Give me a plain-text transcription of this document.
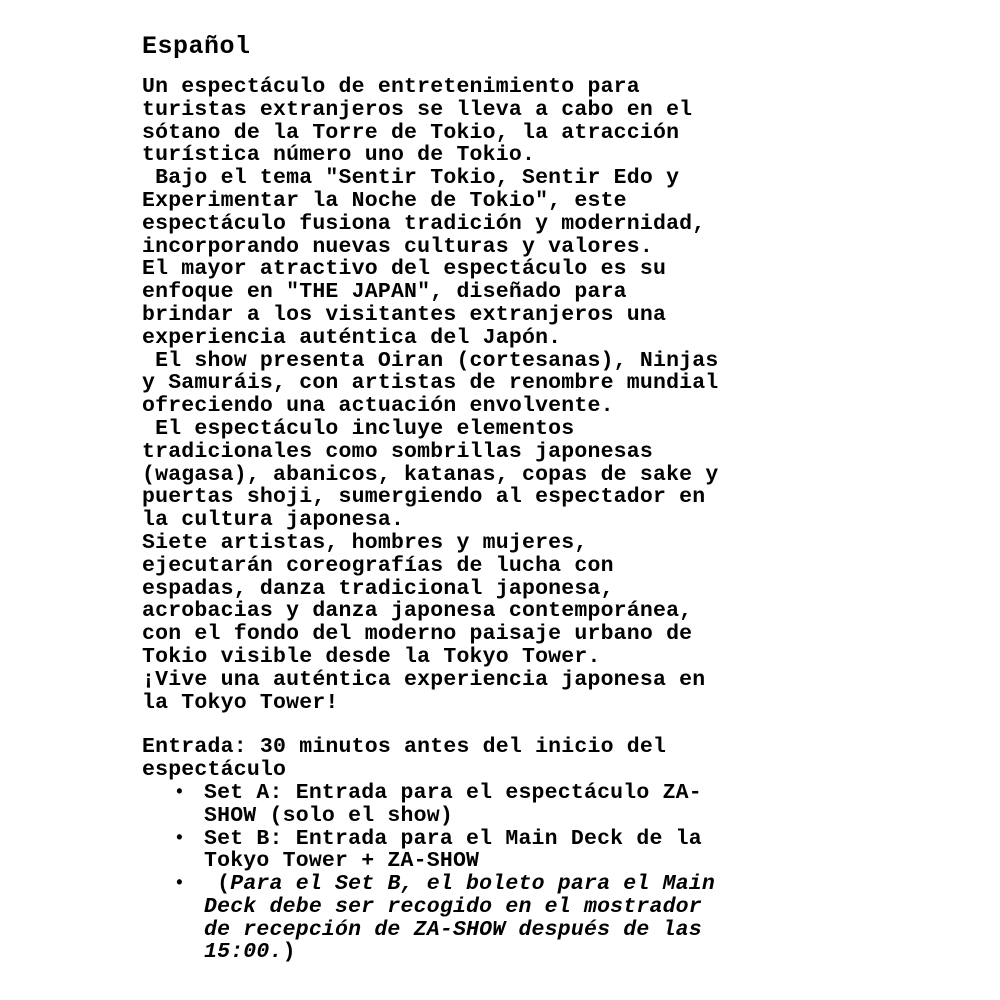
Español
Un espectáculo de entretenimiento para
turistas extranjeros se lleva a cabo en el
sótano de la Torre de Tokio, la atracción
turística número uno de Tokio.
Bajo el tema "Sentir Tokio, Sentir Edo y
Experimentar la Noche de Tokio", este
espectáculo fusiona tradición y modernidad,
incorporando nuevas culturas y valores.
El mayor atractivo del espectáculo es su
enfoque en "THE JAPAN", diseñado para
brindar a los visitantes extranjeros una
experiencia auténtica del Japón.
El show presenta Oiran (cortesanas), Ninjas
y Samuráis, con artistas de renombre mundial
ofreciendo una actuación envolvente.
El espectáculo incluye elementos
tradicionales como sombrillas japonesas
(wagasa), abanicos, katanas, copas de sake y
puertas shoji, sumergiendo al espectador en
la cultura japonesa.
Siete artistas, hombres y mujeres,
ejecutarán coreografías de lucha con
espadas, danza tradicional japonesa,
acrobacias y danza japonesa contemporánea,
con el fondo del moderno paisaje urbano de
Tokio visible desde la Tokyo Tower.
¡Vive una auténtica experiencia japonesa en
la Tokyo Tower!
Entrada: 30 minutos antes del inicio del
espectáculo
• Set A: Entrada para el espectáculo ZA-
SHOW (solo el show)
• Set B: Entrada para el Main Deck de la
Tokyo Tower + ZA-SHOW
• (Para el Set B, el boleto para el Main
Deck debe ser recogido en el mostrador
de recepción de ZA-SHOW después de las
15:00.)
